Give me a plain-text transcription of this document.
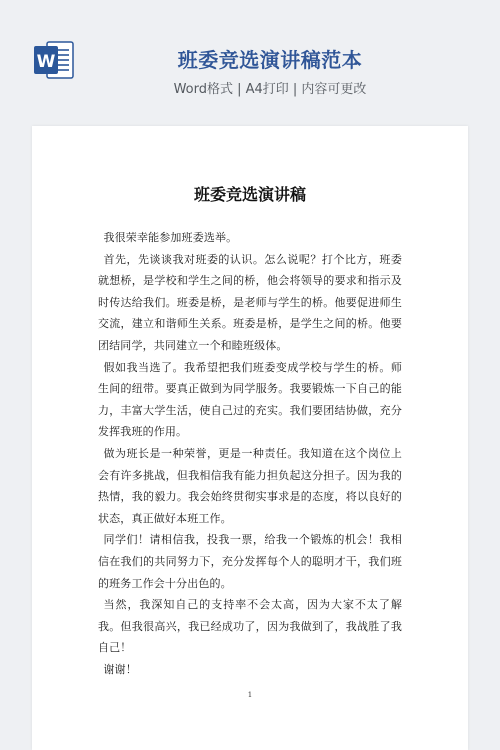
W	班委竞选演讲稿范本
Word格式 | A4打印 | 内容可更改
班委竞选演讲稿

我很荣幸能参加班委选举。

首先，先谈谈我对班委的认识。怎么说呢？打个比方，班委就想桥，是学校和学生之间的桥，他会将领导的要求和指示及时传达给我们。班委是桥，是老师与学生的桥。他要促进师生交流，建立和谐师生关系。班委是桥，是学生之间的桥。他要团结同学，共同建立一个和睦班级体。

假如我当选了。我希望把我们班委变成学校与学生的桥。师生间的纽带。要真正做到为同学服务。我要锻炼一下自己的能力，丰富大学生活，使自己过的充实。我们要团结协做，充分发挥我班的作用。

做为班长是一种荣誉，更是一种责任。我知道在这个岗位上会有许多挑战，但我相信我有能力担负起这分担子。因为我的热情，我的毅力。我会始终贯彻实事求是的态度，将以良好的状态，真正做好本班工作。

同学们！请相信我，投我一票，给我一个锻炼的机会！我相信在我们的共同努力下，充分发挥每个人的聪明才干，我们班的班务工作会十分出色的。

当然，我深知自己的支持率不会太高，因为大家不太了解我。但我很高兴，我已经成功了，因为我做到了，我战胜了我自己！

谢谢！

1
